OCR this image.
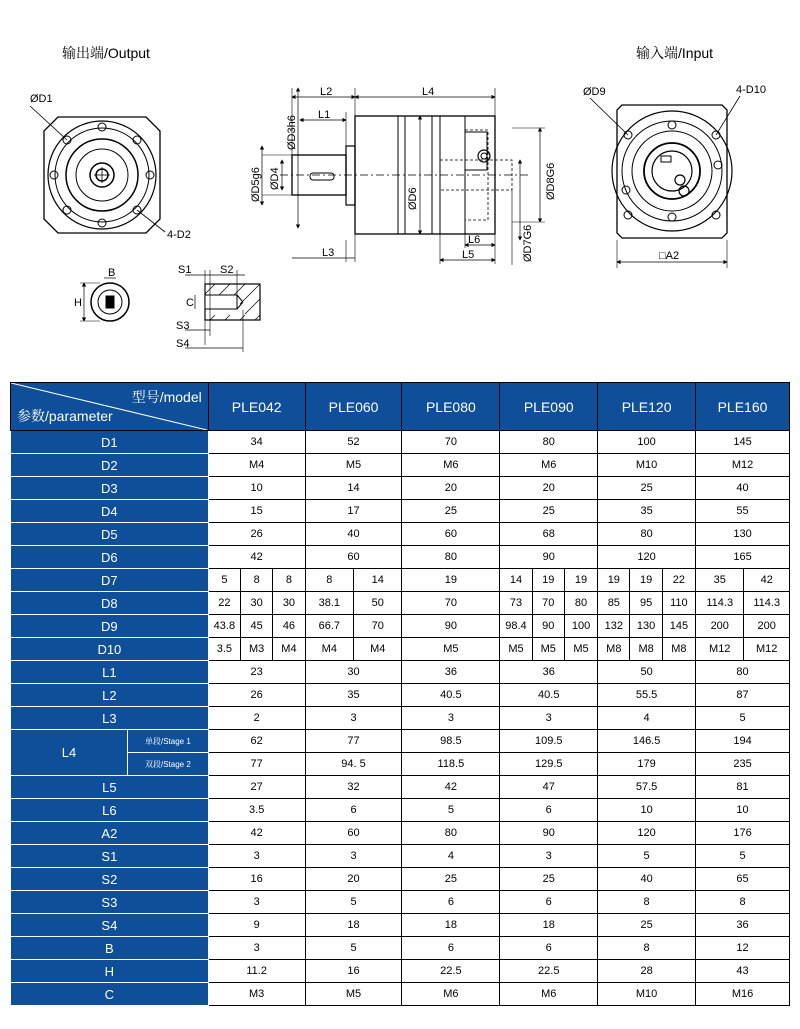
输出端/Output	输入端/Input
ØD1
4-D2
L2	L4
L1
L3
L6
L5
ØD3h6
ØD5g6 ØD4
ØD6	ØD8G6
ØD7G6
ØD9	4-D10
□A2
B
H
S1	S2
C
S3
S4
型号/model
参数/parameter		PLE042			PLE060		PLE080	PLE090			PLE120			PLE160	
D1		34			52		70	80			100			145	
D2		M4			M5		M6	M6			M10			M12	
D3		10			14		20	20			25			40	
D4		15			17		25	25			35			55	
D5		26			40		60	68			80			130	
D6		42			60		80	90			120			165	
D7		5	8	8	8	14	19	14	19	19	19	19	22	35	42
D8		22	30	30	38.1	50	70	73	70	80	85	95	110	114.3	114.3
D9		43.8	45	46	66.7	70	90	98.4	90	100	132	130	145	200	200
D10		3.5	M3	M4	M4	M4	M5	M5	M5	M5	M8	M8	M8	M12	M12
L1		23			30		36	36			50			80	
L2		26			35		40.5	40.5			55.5			87	
L3		2			3		3	3			4			5	
L4	单段/Stage 1	62			77		98.5	109.5			146.5			194	
	双段/Stage 2	77			94. 5		118.5	129.5			179			235	
L5		27			32		42	47			57.5			81	
L6		3.5			6		5	6			10			10	
A2		42			60		80	90			120			176	
S1		3			3		4	3			5			5	
S2		16			20		25	25			40			65	
S3		3			5		6	6			8			8	
S4		9			18		18	18			25			36	
B		3			5		6	6			8			12	
H		11.2			16		22.5	22.5			28			43	
C		M3			M5		M6	M6			M10			M16	
